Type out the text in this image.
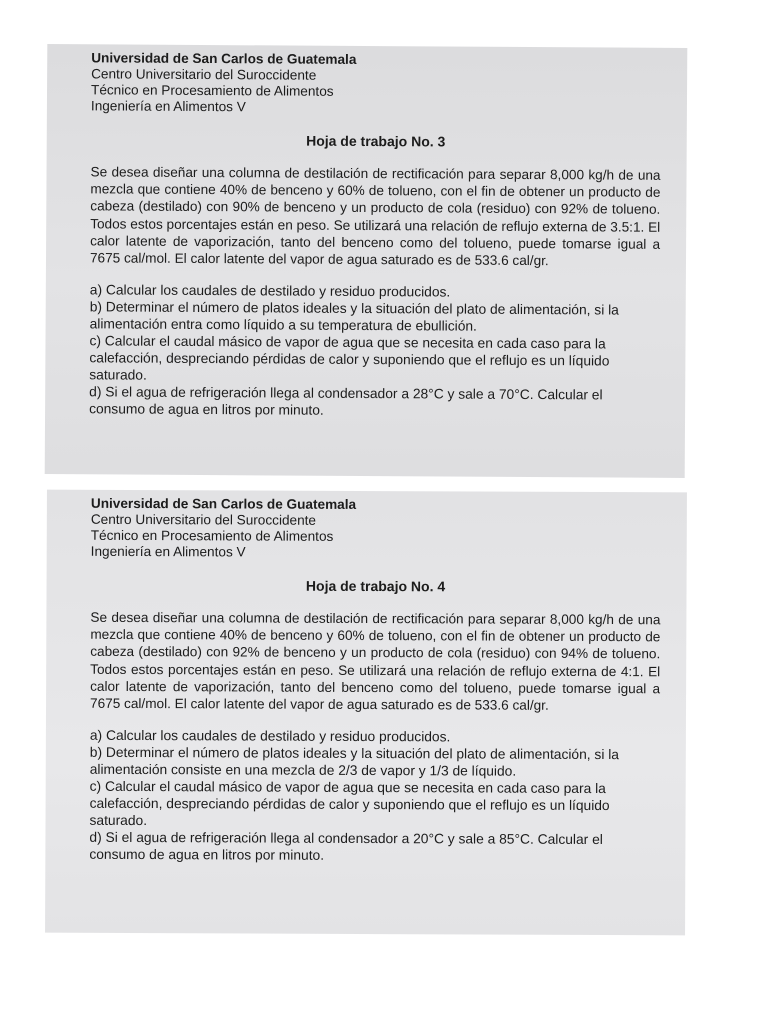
Universidad de San Carlos de Guatemala

Centro Universitario del Suroccidente

Técnico en Procesamiento de Alimentos

Ingeniería en Alimentos V

Hoja de trabajo No. 3

Se desea diseñar una columna de destilación de rectificación para separar 8,000 kg/h de una mezcla que contiene 40% de benceno y 60% de tolueno, con el fin de obtener un producto de cabeza (destilado) con 90% de benceno y un producto de cola (residuo) con 92% de tolueno. Todos estos porcentajes están en peso. Se utilizará una relación de reflujo externa de 3.5:1. El calor latente de vaporización, tanto del benceno como del tolueno, puede tomarse igual a 7675 cal/mol. El calor latente del vapor de agua saturado es de 533.6 cal/gr.

a) Calcular los caudales de destilado y residuo producidos.

b) Determinar el número de platos ideales y la situación del plato de alimentación, si la alimentación entra como líquido a su temperatura de ebullición.

c) Calcular el caudal másico de vapor de agua que se necesita en cada caso para la calefacción, despreciando pérdidas de calor y suponiendo que el reflujo es un líquido saturado.

d) Si el agua de refrigeración llega al condensador a 28°C y sale a 70°C. Calcular el consumo de agua en litros por minuto.

Universidad de San Carlos de Guatemala

Centro Universitario del Suroccidente

Técnico en Procesamiento de Alimentos

Ingeniería en Alimentos V

Hoja de trabajo No. 4

Se desea diseñar una columna de destilación de rectificación para separar 8,000 kg/h de una mezcla que contiene 40% de benceno y 60% de tolueno, con el fin de obtener un producto de cabeza (destilado) con 92% de benceno y un producto de cola (residuo) con 94% de tolueno. Todos estos porcentajes están en peso. Se utilizará una relación de reflujo externa de 4:1. El calor latente de vaporización, tanto del benceno como del tolueno, puede tomarse igual a 7675 cal/mol. El calor latente del vapor de agua saturado es de 533.6 cal/gr.

a) Calcular los caudales de destilado y residuo producidos.

b) Determinar el número de platos ideales y la situación del plato de alimentación, si la alimentación consiste en una mezcla de 2/3 de vapor y 1/3 de líquido.

c) Calcular el caudal másico de vapor de agua que se necesita en cada caso para la calefacción, despreciando pérdidas de calor y suponiendo que el reflujo es un líquido saturado.

d) Si el agua de refrigeración llega al condensador a 20°C y sale a 85°C. Calcular el consumo de agua en litros por minuto.
